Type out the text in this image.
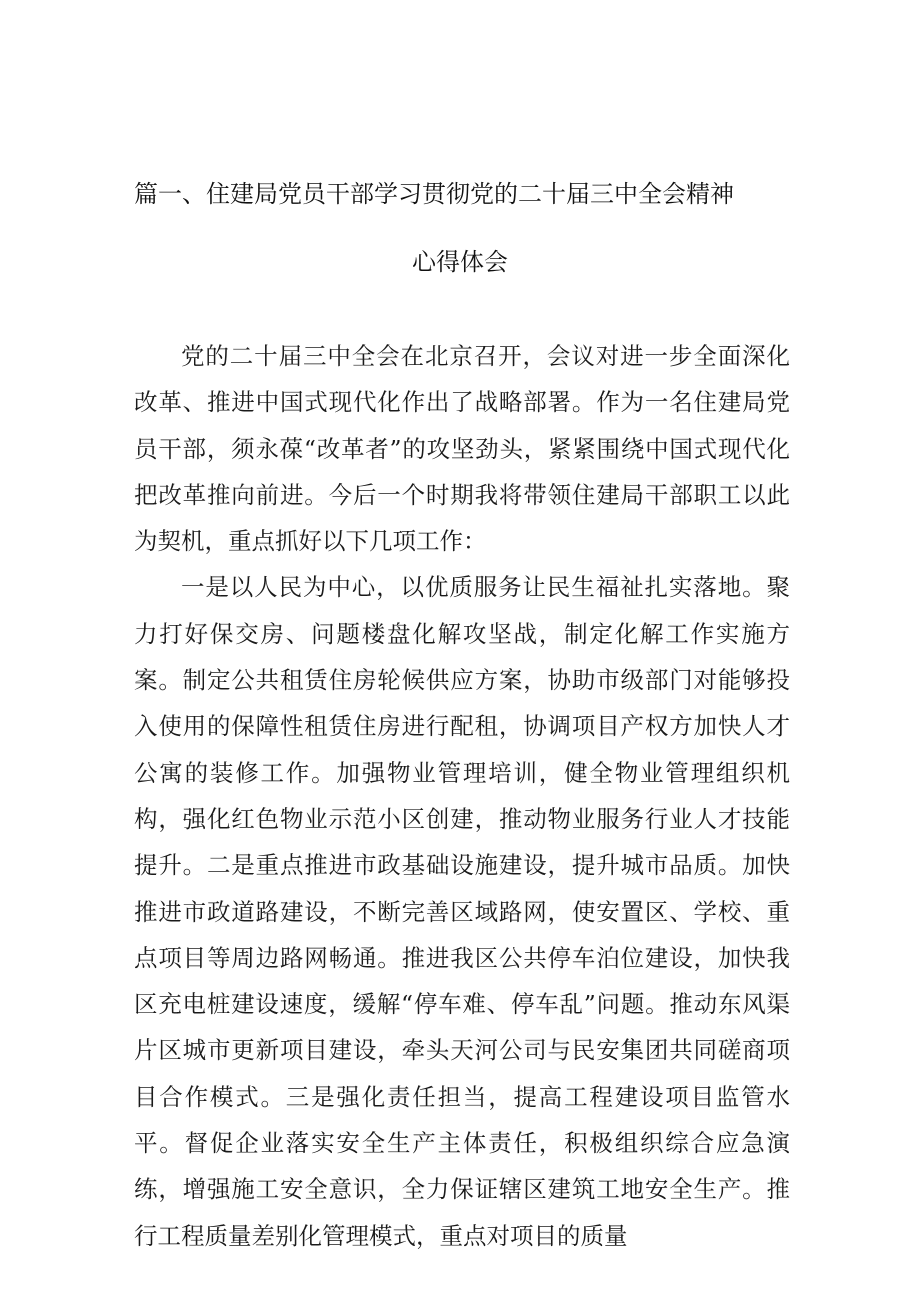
篇一、住建局党员干部学习贯彻党的二十届三中全会精神
心得体会

党的二十届三中全会在北京召开，会议对进一步全面深化改革、推进中国式现代化作出了战略部署。作为一名住建局党员干部，须永葆“改革者”的攻坚劲头，紧紧围绕中国式现代化把改革推向前进。今后一个时期我将带领住建局干部职工以此为契机，重点抓好以下几项工作：

一是以人民为中心，以优质服务让民生福祉扎实落地。聚力打好保交房、问题楼盘化解攻坚战，制定化解工作实施方案。制定公共租赁住房轮候供应方案，协助市级部门对能够投入使用的保障性租赁住房进行配租，协调项目产权方加快人才公寓的装修工作。加强物业管理培训，健全物业管理组织机构，强化红色物业示范小区创建，推动物业服务行业人才技能提升。二是重点推进市政基础设施建设，提升城市品质。加快推进市政道路建设，不断完善区域路网，使安置区、学校、重点项目等周边路网畅通。推进我区公共停车泊位建设，加快我区充电桩建设速度，缓解“停车难、停车乱”问题。推动东风渠片区城市更新项目建设，牵头天河公司与民安集团共同磋商项目合作模式。三是强化责任担当，提高工程建设项目监管水平。督促企业落实安全生产主体责任，积极组织综合应急演练，增强施工安全意识，全力保证辖区建筑工地安全生产。推行工程质量差别化管理模式，重点对项目的质量
